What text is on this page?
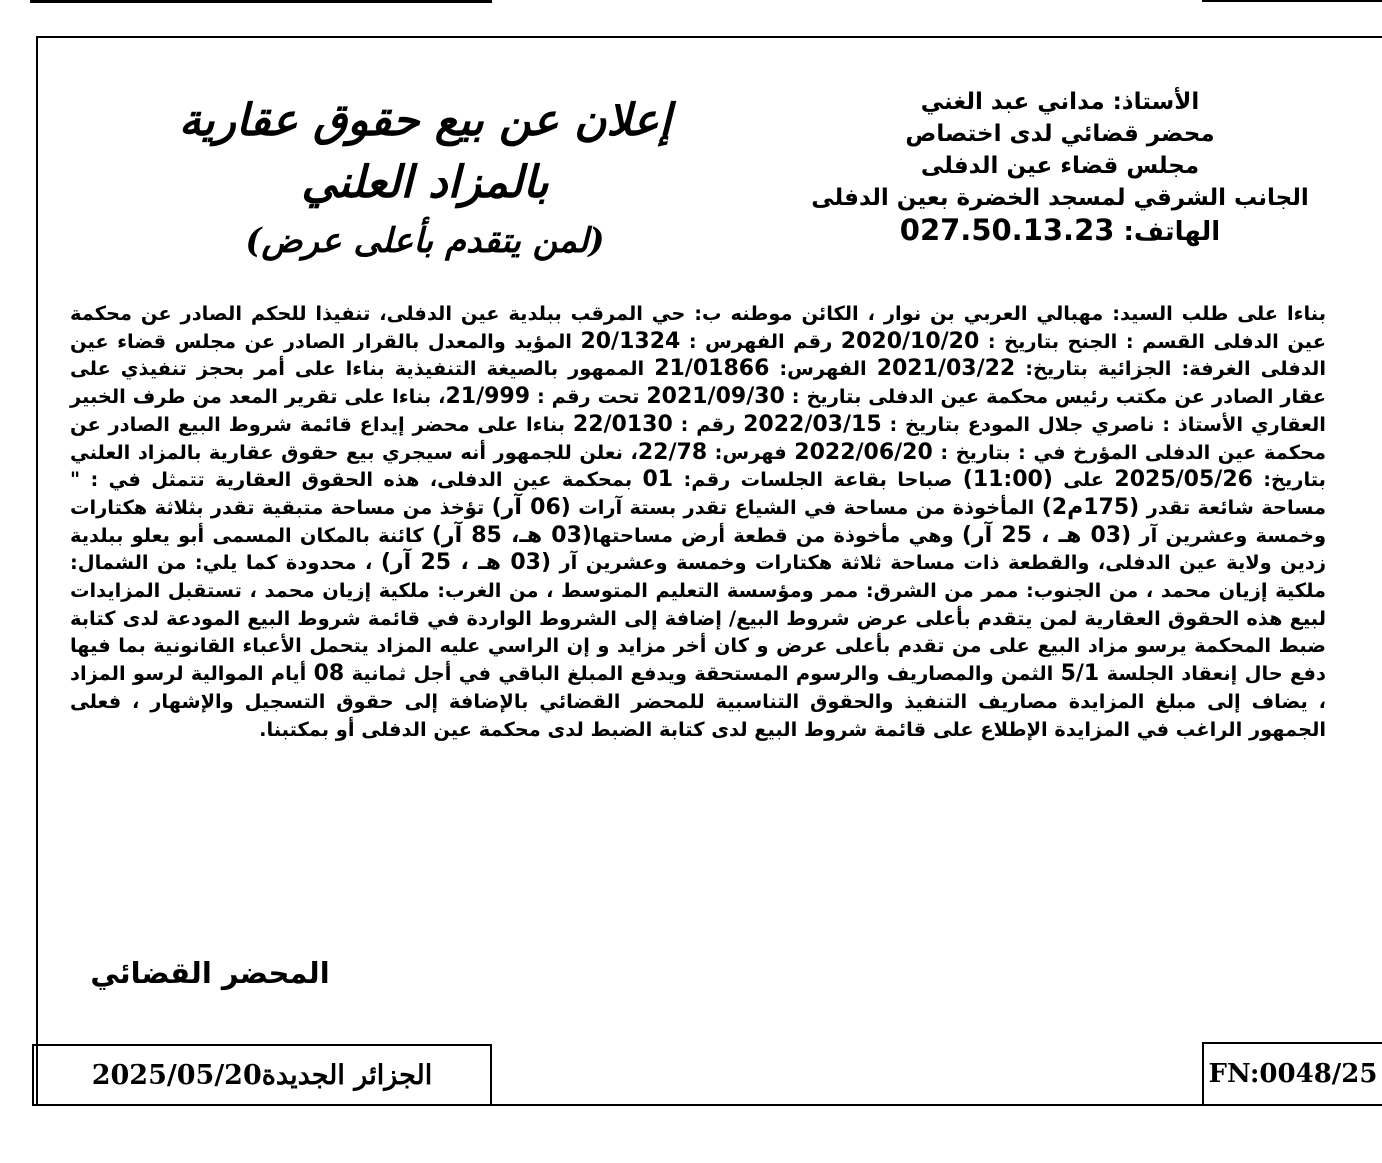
الأستاذ: مداني عبد الغني
محضر قضائي لدى اختصاص
مجلس قضاء عين الدفلى
الجانب الشرقي لمسجد الخضرة بعين الدفلى
الهاتف: 027.50.13.23
إعلان عن بيع حقوق عقارية
بالمزاد العلني
(لمن يتقدم بأعلى عرض)
بناءا على طلب السيد: مهبالي العربي بن نوار ، الكائن موطنه ب: حي المرقب ببلدية عين الدفلى، تنفيذا للحكم الصادر عن محكمة عين الدفلى القسم : الجنح بتاريخ : 2020/10/20 رقم الفهرس : 20/1324 المؤيد والمعدل بالقرار الصادر عن مجلس قضاء عين الدفلى الغرفة: الجزائية بتاريخ: 2021/03/22 الفهرس: 21/01866 الممهور بالصيغة التنفيذية بناءا على أمر بحجز تنفيذي على عقار الصادر عن مكتب رئيس محكمة عين الدفلى بتاريخ : 2021/09/30 تحت رقم : 21/999، بناءا على تقرير المعد من طرف الخبير العقاري الأستاذ : ناصري جلال المودع بتاريخ : 2022/03/15 رقم : 22/0130 بناءا على محضر إيداع قائمة شروط البيع الصادر عن محكمة عين الدفلى المؤرخ في : بتاريخ : 2022/06/20 فهرس: 22/78، نعلن للجمهور أنه سيجري بيع حقوق عقارية بالمزاد العلني بتاريخ: 2025/05/26 على (11:00) صباحا بقاعة الجلسات رقم: 01 بمحكمة عين الدفلى، هذه الحقوق العقارية تتمثل في : " مساحة شائعة تقدر (175م2) المأخوذة من مساحة في الشياع تقدر بستة آرات (06 آر) تؤخذ من مساحة متبقية تقدر بثلاثة هكتارات وخمسة وعشرين آر (03 هـ ، 25 آر) وهي مأخوذة من قطعة أرض مساحتها(03 هـ، 85 آر) كائنة بالمكان المسمى أبو يعلو ببلدية زدين ولاية عين الدفلى، والقطعة ذات مساحة ثلاثة هكتارات وخمسة وعشرين آر (03 هـ ، 25 آر) ، محدودة كما يلي: من الشمال: ملكية إزيان محمد ، من الجنوب: ممر من الشرق: ممر ومؤسسة التعليم المتوسط ، من الغرب: ملكية إزيان محمد ، تستقبل المزايدات لبيع هذه الحقوق العقارية لمن يتقدم بأعلى عرض شروط البيع/ إضافة إلى الشروط الواردة في قائمة شروط البيع المودعة لدى كتابة ضبط المحكمة يرسو مزاد البيع على من تقدم بأعلى عرض و كان أخر مزايد و إن الراسي عليه المزاد يتحمل الأعباء القانونية بما فيها دفع حال إنعقاد الجلسة 5/1 الثمن والمصاريف والرسوم المستحقة ويدفع المبلغ الباقي في أجل ثمانية 08 أيام الموالية لرسو المزاد ، يضاف إلى مبلغ المزايدة مصاريف التنفيذ والحقوق التناسبية للمحضر القضائي بالإضافة إلى حقوق التسجيل والإشهار ، فعلى الجمهور الراغب في المزايدة الإطلاع على قائمة شروط البيع لدى كتابة الضبط لدى محكمة عين الدفلى أو بمكتبنا.
المحضر القضائي
الجزائر الجديدة
2025/05/20	FN:0048/25
